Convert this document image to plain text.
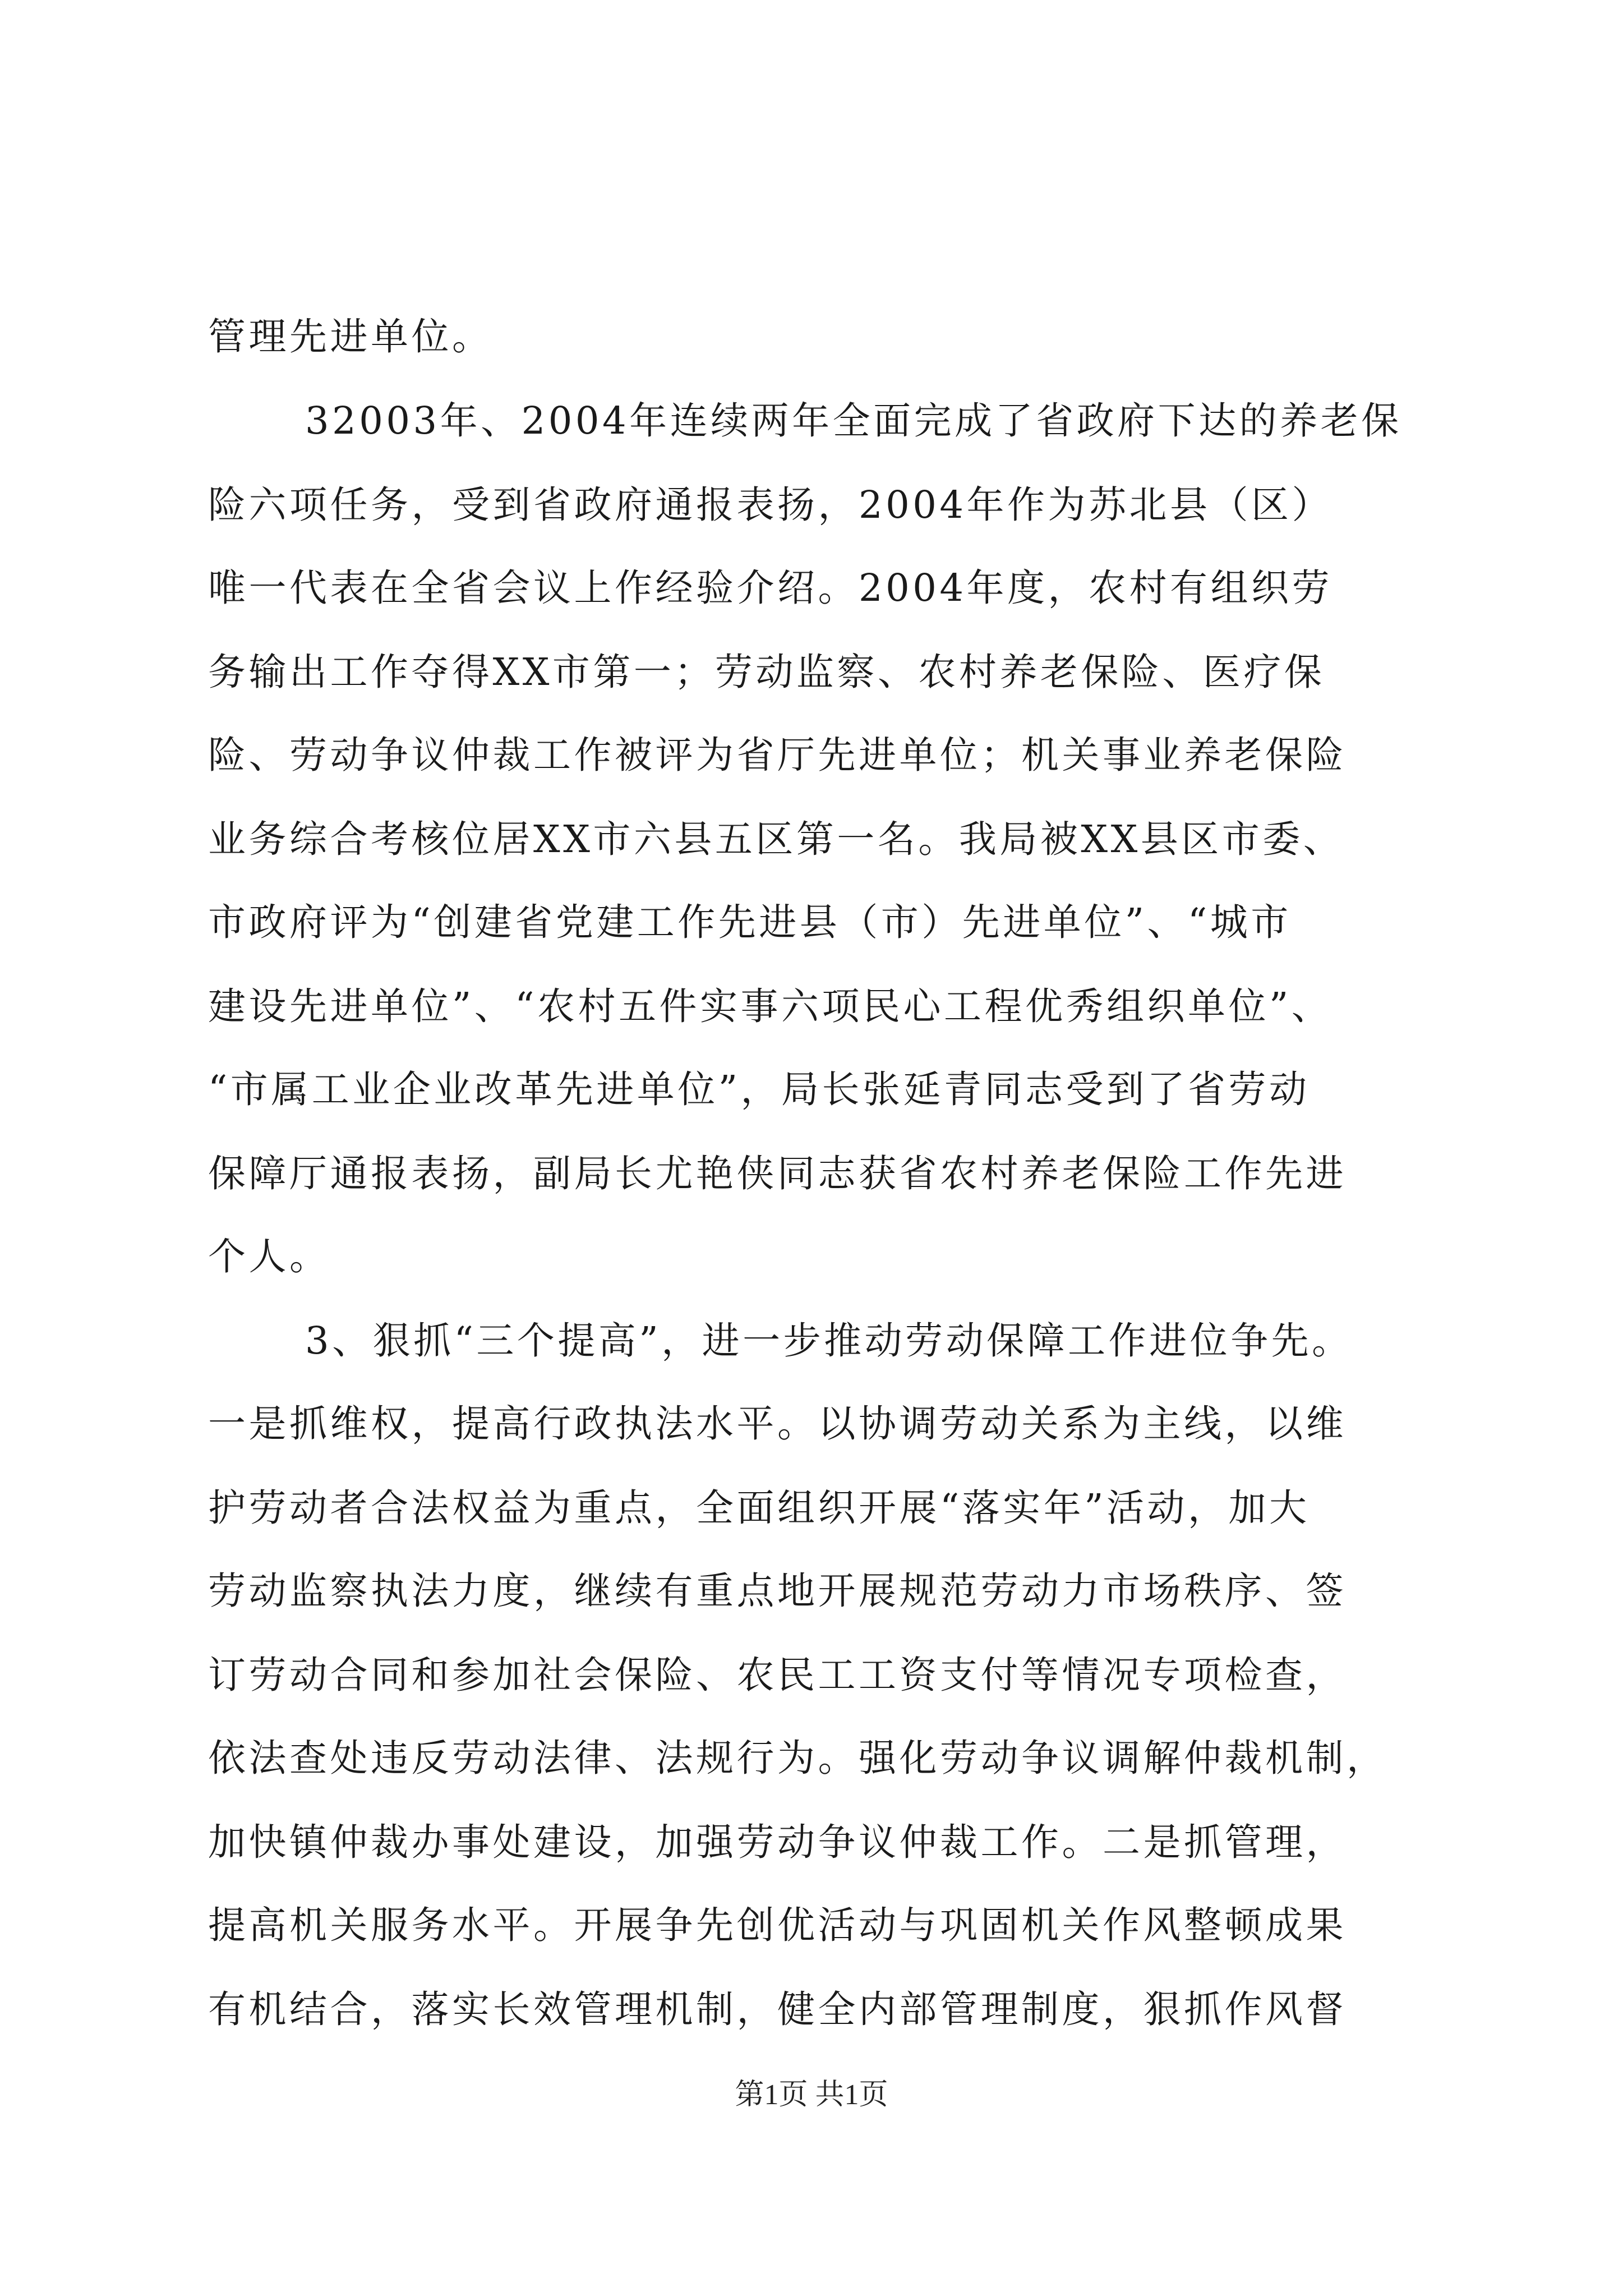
管理先进单位。
32003年、2004年连续两年全面完成了省政府下达的养老保
险六项任务，受到省政府通报表扬，2004年作为苏北县（区）
唯一代表在全省会议上作经验介绍。2004年度，农村有组织劳
务输出工作夺得XX市第一；劳动监察、农村养老保险、医疗保
险、劳动争议仲裁工作被评为省厅先进单位；机关事业养老保险
业务综合考核位居XX市六县五区第一名。我局被XX县区市委、
市政府评为“创建省党建工作先进县（市）先进单位”、“城市
建设先进单位”、“农村五件实事六项民心工程优秀组织单位”、
“市属工业企业改革先进单位”，局长张延青同志受到了省劳动
保障厅通报表扬，副局长尤艳侠同志获省农村养老保险工作先进
个人。
3、狠抓“三个提高”，进一步推动劳动保障工作进位争先。
一是抓维权，提高行政执法水平。以协调劳动关系为主线，以维
护劳动者合法权益为重点，全面组织开展“落实年”活动，加大
劳动监察执法力度，继续有重点地开展规范劳动力市场秩序、签
订劳动合同和参加社会保险、农民工工资支付等情况专项检查，
依法查处违反劳动法律、法规行为。强化劳动争议调解仲裁机制，
加快镇仲裁办事处建设，加强劳动争议仲裁工作。二是抓管理，
提高机关服务水平。开展争先创优活动与巩固机关作风整顿成果
有机结合，落实长效管理机制，健全内部管理制度，狠抓作风督
第1页 共1页
